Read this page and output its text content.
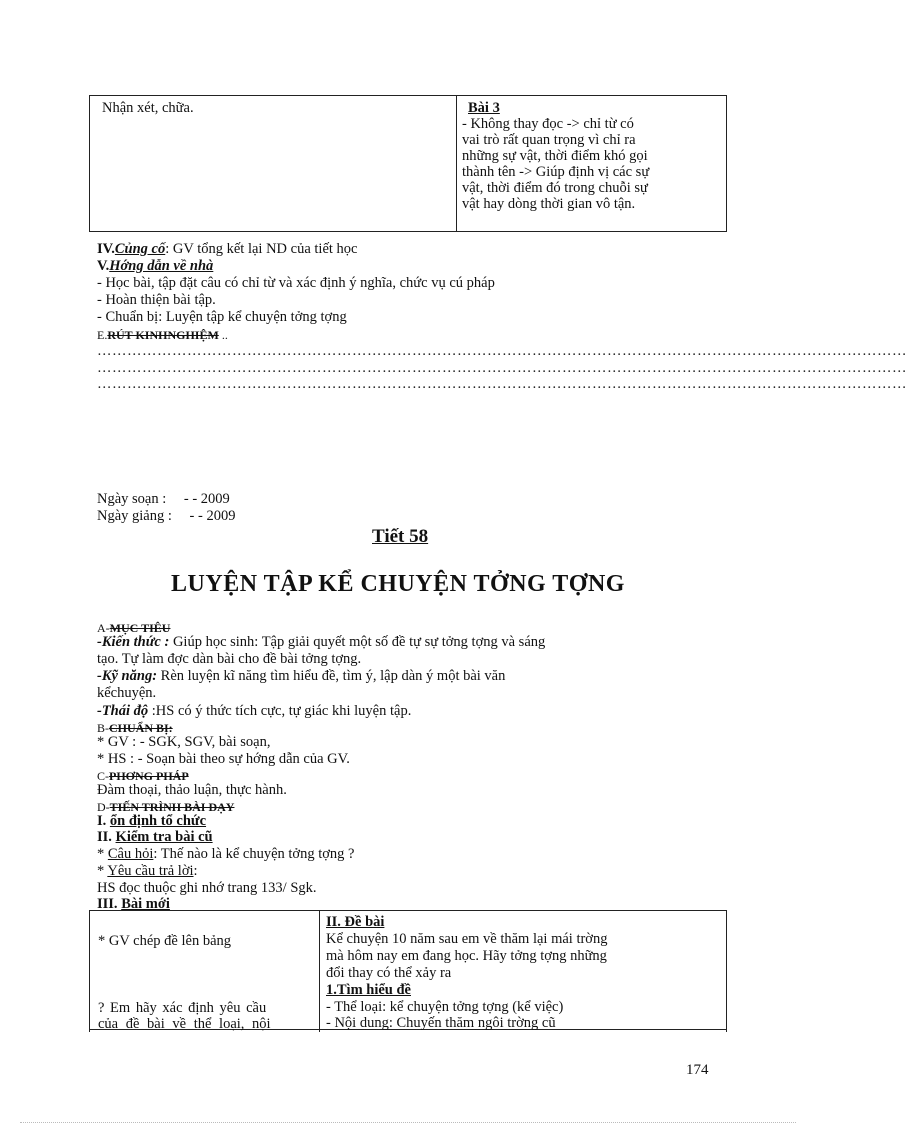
Nhận xét, chữa.	Bài 3
- Không thay đọc -> chỉ từ có
vai trò rất quan trọng vì chỉ ra
những sự vật, thời điểm khó gọi
thành tên -> Giúp định vị các sự
vật, thời điểm đó trong chuỗi sự
vật hay dòng thời gian vô tận.
IV.Củng cố: GV tổng kết lại ND của tiết học
V.Hớng dẫn về nhà
- Học bài, tập đặt câu có chỉ từ và xác định ý nghĩa, chức vụ cú pháp
- Hoàn thiện bài tập.
- Chuẩn bị: Luyện tập kể chuyện tởng tợng
E.RÚT KINHNGHIỆM ..
………………………………………………………………………………………………………………………………………………
………………………………………………………………………………………………………………………………………………
………………………………………………………………………………………………………………………………………………
Ngày soạn : - - 2009
Ngày giảng : - - 2009
Tiết 58
LUYỆN TẬP KỂ CHUYỆN TỞNG TỢNG
A-MỤC TIÊU
-Kiến thức : Giúp học sinh: Tập giải quyết một số đề tự sự tởng tợng và sáng
tạo. Tự làm đợc dàn bài cho đề bài tởng tợng.
-Kỹ năng: Rèn luyện kĩ năng tìm hiểu đề, tìm ý, lập dàn ý một bài văn
kểchuyện.
-Thái độ :HS có ý thức tích cực, tự giác khi luyện tập.
B-CHUẨN BỊ:
* GV : - SGK, SGV, bài soạn,
* HS : - Soạn bài theo sự hớng dẫn của GV.
C-PHƠNG PHÁP
Đàm thoại, thảo luận, thực hành.
D-TIẾN TRÌNH BÀI DẠY
I. ổn định tổ chức
II. Kiểm tra bài cũ
* Câu hỏi: Thế nào là kể chuyện tởng tợng ?
* Yêu cầu trả lời:
HS đọc thuộc ghi nhớ trang 133/ Sgk.
III. Bài mới
* GV chép đề lên bảng
? Em hãy xác định yêu cầu
của đề bài về thể loại, nội
II. Đề bài
Kể chuyện 10 năm sau em về thăm lại mái trờng
mà hôm nay em đang học. Hãy tởng tợng những
đổi thay có thể xảy ra
1.Tìm hiểu đề
- Thể loại: kể chuyện tởng tợng (kể việc)
- Nội dung: Chuyến thăm ngôi trờng cũ
174
